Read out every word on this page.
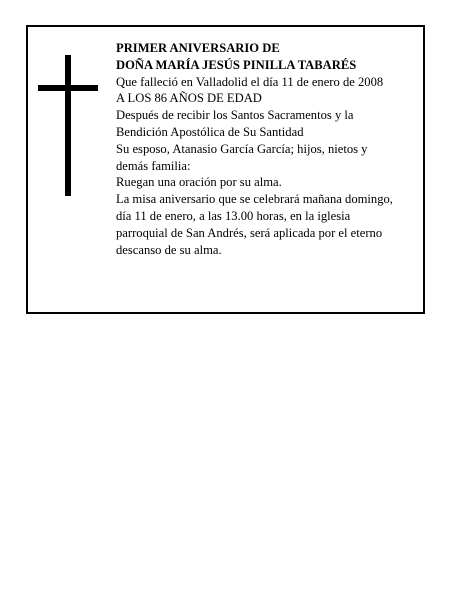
PRIMER ANIVERSARIO DE
DOÑA MARÍA JESÚS PINILLA TABARÉS
Que falleció en Valladolid el día 11 de enero de 2008
A LOS 86 AÑOS DE EDAD
Después de recibir los Santos Sacramentos y la
Bendición Apostólica de Su Santidad
Su esposo, Atanasio García García; hijos, nietos y
demás familia:
Ruegan una oración por su alma.
La misa aniversario que se celebrará mañana domingo,
día 11 de enero, a las 13.00 horas, en la iglesia
parroquial de San Andrés, será aplicada por el eterno
descanso de su alma.
